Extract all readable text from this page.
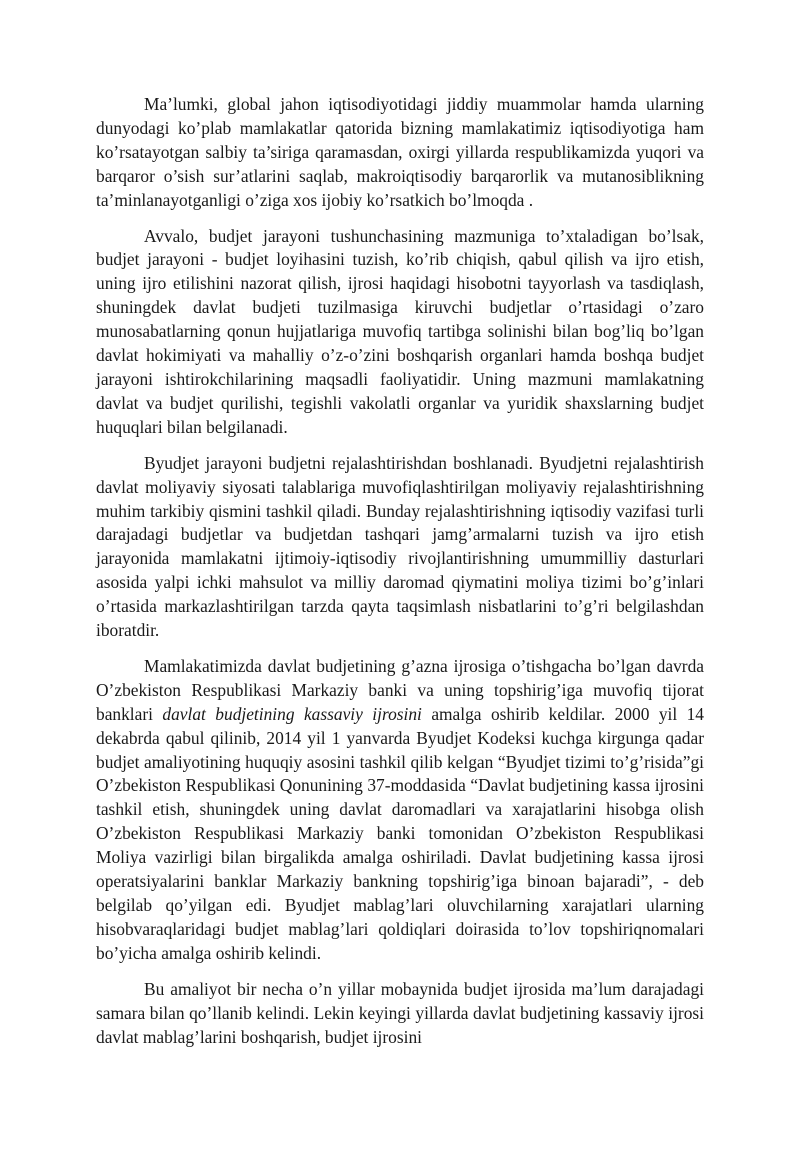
Ma’lumki, global jahon iqtisodiyotidagi jiddiy muammolar hamda ularning dunyodagi ko’plab mamlakatlar qatorida bizning mamlakatimiz iqtisodiyotiga ham ko’rsatayotgan salbiy ta’siriga qaramasdan, oxirgi yillarda respublikamizda yuqori va barqaror o’sish sur’atlarini saqlab, makroiqtisodiy barqarorlik va mutanosiblikning ta’minlanayotganligi o’ziga xos ijobiy ko’rsatkich bo’lmoqda .

Avvalo, budjet jarayoni tushunchasining mazmuniga to’xtaladigan bo’lsak, budjet jarayoni - budjet loyihasini tuzish, ko’rib chiqish, qabul qilish va ijro etish, uning ijro etilishini nazorat qilish, ijrosi haqidagi hisobotni tayyorlash va tasdiqlash, shuningdek davlat budjeti tuzilmasiga kiruvchi budjetlar o’rtasidagi o’zaro munosabatlarning qonun hujjatlariga muvofiq tartibga solinishi bilan bog’liq bo’lgan davlat hokimiyati va mahalliy o’z-o’zini boshqarish organlari hamda boshqa budjet jarayoni ishtirokchilarining maqsadli faoliyatidir. Uning mazmuni mamlakatning davlat va budjet qurilishi, tegishli vakolatli organlar va yuridik shaxslarning budjet huquqlari bilan belgilanadi.

Byudjet jarayoni budjetni rejalashtirishdan boshlanadi. Byudjetni rejalashtirish davlat moliyaviy siyosati talablariga muvofiqlashtirilgan moliyaviy rejalashtirishning muhim tarkibiy qismini tashkil qiladi. Bunday rejalashtirishning iqtisodiy vazifasi turli darajadagi budjetlar va budjetdan tashqari jamg’armalarni tuzish va ijro etish jarayonida mamlakatni ijtimoiy-iqtisodiy rivojlantirishning umummilliy dasturlari asosida yalpi ichki mahsulot va milliy daromad qiymatini moliya tizimi bo’g’inlari o’rtasida markazlashtirilgan tarzda qayta taqsimlash nisbatlarini to’g’ri belgilashdan iboratdir.

Mamlakatimizda davlat budjetining g’azna ijrosiga o’tishgacha bo’lgan davrda O’zbekiston Respublikasi Markaziy banki va uning topshirig’iga muvofiq tijorat banklari davlat budjetining kassaviy ijrosini amalga oshirib keldilar. 2000 yil 14 dekabrda qabul qilinib, 2014 yil 1 yanvarda Byudjet Kodeksi kuchga kirgunga qadar budjet amaliyotining huquqiy asosini tashkil qilib kelgan “Byudjet tizimi to’g’risida”gi O’zbekiston Respublikasi Qonunining 37-moddasida “Davlat budjetining kassa ijrosini tashkil etish, shuningdek uning davlat daromadlari va xarajatlarini hisobga olish O’zbekiston Respublikasi Markaziy banki tomonidan O’zbekiston Respublikasi Moliya vazirligi bilan birgalikda amalga oshiriladi. Davlat budjetining kassa ijrosi operatsiyalarini banklar Markaziy bankning topshirig’iga binoan bajaradi”, - deb belgilab qo’yilgan edi. Byudjet mablag’lari oluvchilarning xarajatlari ularning hisobvaraqlaridagi budjet mablag’lari qoldiqlari doirasida to’lov topshiriqnomalari bo’yicha amalga oshirib kelindi.

Bu amaliyot bir necha o’n yillar mobaynida budjet ijrosida ma’lum darajadagi samara bilan qo’llanib kelindi. Lekin keyingi yillarda davlat budjetining kassaviy ijrosi davlat mablag’larini boshqarish, budjet ijrosini
